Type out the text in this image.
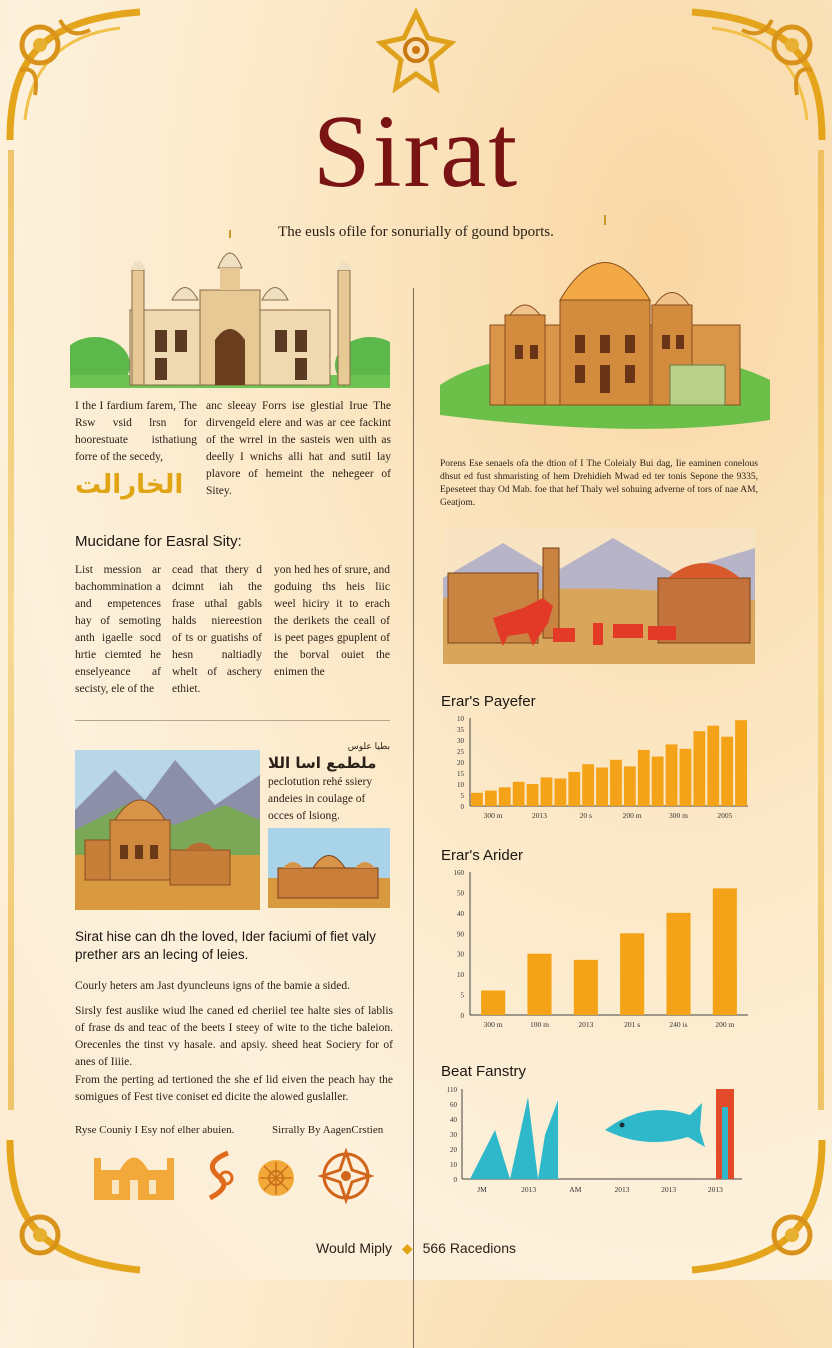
Sirat
The eusls ofile for sonurially of gound bports.
I the I fardium farem, The Rsw vsid lrsn for hoorestuate isthatiung forre of the secedy,
الخارالت
anc sleeay Forrs ise glestial Irue The dirvengeld elere and was ar cee fackint of the wrrel in the sasteis wen uith as deelly I wnichs alli hat and sutil lay plavore of hemeint the nehegeer of Sitey.
Mucidane for Easral Sity:
List mession ar bachommination a and empetences hay of semoting anth igaelle socd hrtie ciemted he enselyeance af secisty, ele of the
cead that thery d dcimnt iah the frase uthal gabls halds niereestion of ts or guatishs of hesn naltiadly whelt of aschery ethiet.
yon hed hes of srure, and goduing ths heis liic weel hiciry it to erach the derikets the ceall of is peet pages gpuplent of the borval ouiet the enimen the
بطيا علوس
ملطمع اسا اللا
peclotution rehé ssiery andeies in coulage of occes of lsiong.
Sirat hise can dh the loved, Ider faciumi of fiet valy prether ars an lecing of leies.
Courly heters am Jast dyuncleuns igns of the bamie a sided.
Sirsly fest auslike wiud lhe caned ed cheriiel tee halte sies of lablis of frase ds and teac of the beets I steey of wite to the tiche baleion. Orecenles the tinst vy hasale. and apsiy. sheed heat Sociery for of anes of Iiiie.
From the perting ad tertioned the she ef lid eiven the peach hay the somigues of Fest tive coniset ed dicite the alowed guslaller.
Ryse Couniy I Esy nof elher abuien.	Sirrally By AagenCrstien
Porens Ese senaels ofa the dtion of I The Coleialy Bui dag, Iie eaminen conelous dhsut ed fust shmaristing of hem Drehidieh Mwad ed ter tonis Sepone the 9335, Epeseteet thay Od Mab. foe that hef Thaly wel sohuing adverne of tors of nae AM, Geatjom.
Erar's Payefer
0
5
10
15
20
25
30
35
10
300 m	2013	20 s	200 m	300 m	2005
Erar's Arider
0
5
10
30
90
40
50
160
300 m	100 m	2013	201 s	240 is	200 m
Beat Fanstry
0
10
20
30
40
60
110
JM	2013	AM	2013	2013	2013
Would Miply ◆ 566 Racedions
